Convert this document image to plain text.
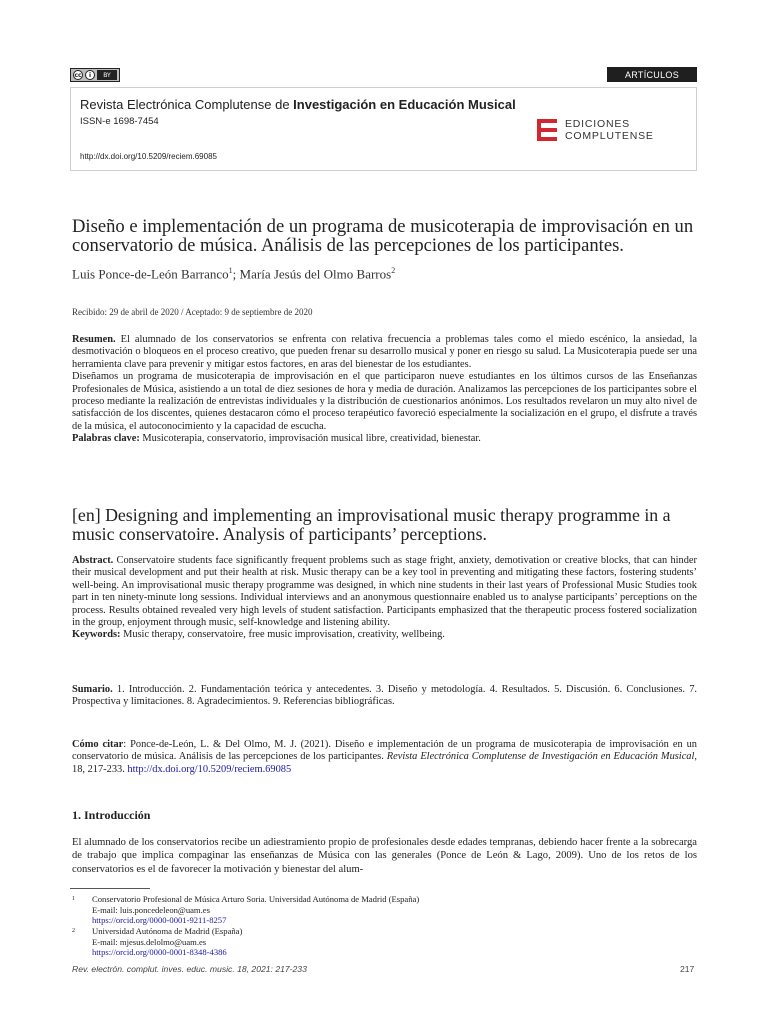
cc	i	BY	ARTÍCULOS
Revista Electrónica Complutense de Investigación en Educación Musical
ISSN-e 1698-7454
http://dx.doi.org/10.5209/reciem.69085
EDICIONES
COMPLUTENSE
Diseño e implementación de un programa de musicoterapia de improvisación en un conservatorio de música. Análisis de las percepciones de los participantes.
Luis Ponce-de-León Barranco$^1$; María Jesús del Olmo Barros$^2$
Recibido: 29 de abril de 2020 / Aceptado: 9 de septiembre de 2020
Resumen. El alumnado de los conservatorios se enfrenta con relativa frecuencia a problemas tales como el miedo escénico, la ansiedad, la desmotivación o bloqueos en el proceso creativo, que pueden frenar su desarrollo musical y poner en riesgo su salud. La Musicoterapia puede ser una herramienta clave para prevenir y mitigar estos factores, en aras del bienestar de los estudiantes.
Diseñamos un programa de musicoterapia de improvisación en el que participaron nueve estudiantes en los últimos cursos de las Enseñanzas Profesionales de Música, asistiendo a un total de diez sesiones de hora y media de duración. Analizamos las percepciones de los participantes sobre el proceso mediante la realización de entrevistas individuales y la distribución de cuestionarios anónimos. Los resultados revelaron un muy alto nivel de satisfacción de los discentes, quienes destacaron cómo el proceso terapéutico favoreció especialmente la socialización en el grupo, el disfrute a través de la música, el autoconocimiento y la capacidad de escucha.
Palabras clave: Musicoterapia, conservatorio, improvisación musical libre, creatividad, bienestar.
[en] Designing and implementing an improvisational music therapy programme in a music conservatoire. Analysis of participants’ perceptions.
Abstract. Conservatoire students face significantly frequent problems such as stage fright, anxiety, demotivation or creative blocks, that can hinder their musical development and put their health at risk. Music therapy can be a key tool in preventing and mitigating these factors, fostering students’ well-being. An improvisational music therapy programme was designed, in which nine students in their last years of Professional Music Studies took part in ten ninety-minute long sessions. Individual interviews and an anonymous questionnaire enabled us to analyse participants’ perceptions on the process. Results obtained revealed very high levels of student satisfaction. Participants emphasized that the therapeutic process fostered socialization in the group, enjoyment through music, self-knowledge and listening ability.
Keywords: Music therapy, conservatoire, free music improvisation, creativity, wellbeing.
Sumario. 1. Introducción. 2. Fundamentación teórica y antecedentes. 3. Diseño y metodología. 4. Resultados. 5. Discusión. 6. Conclusiones. 7. Prospectiva y limitaciones. 8. Agradecimientos. 9. Referencias bibliográficas.
Cómo citar: Ponce-de-León, L. & Del Olmo, M. J. (2021). Diseño e implementación de un programa de musicoterapia de improvisación en un conservatorio de música. Análisis de las percepciones de los participantes. Revista Electrónica Complutense de Investigación en Educación Musical, 18, 217-233. http://dx.doi.org/10.5209/reciem.69085
1. Introducción
El alumnado de los conservatorios recibe un adiestramiento propio de profesionales desde edades tempranas, debiendo hacer frente a la sobrecarga de trabajo que implica compaginar las enseñanzas de Música con las generales (Ponce de León & Lago, 2009). Uno de los retos de los conservatorios es el de favorecer la motivación y bienestar del alum-
1 Conservatorio Profesional de Música Arturo Soria. Universidad Autónoma de Madrid (España)
E-mail: luis.poncedeleon@uam.es
https://orcid.org/0000-0001-9211-8257
2 Universidad Autónoma de Madrid (España)
E-mail: mjesus.delolmo@uam.es
https://orcid.org/0000-0001-8348-4386
Rev. electrón. complut. inves. educ. music. 18, 2021: 217-233	217
